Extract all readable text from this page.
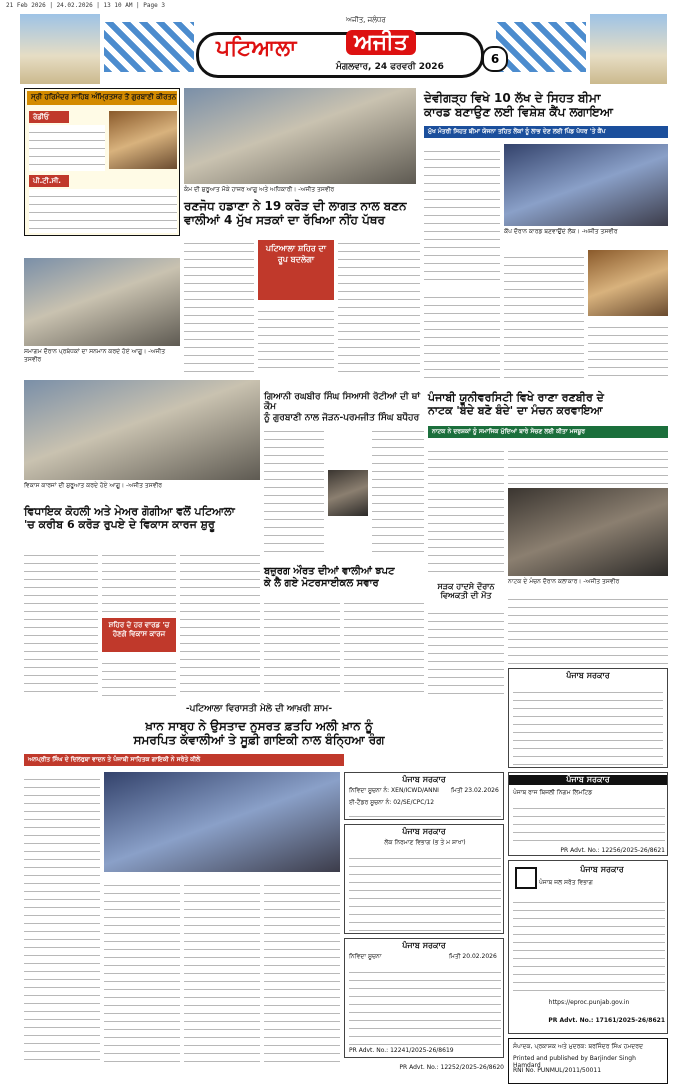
21 Feb 2026 | 24.02.2026 | 13 10 AM | Page 3
ਅਜੀਤ, ਜਲੰਧਰ
ਪਟਿਆਲਾ	ਅਜੀਤ
ਮੰਗਲਵਾਰ, 24 ਫਰਵਰੀ 2026
6
ਸ੍ਰੀ ਹਰਿਮੰਦਰ ਸਾਹਿਬ ਅੰਮ੍ਰਿਤਸਰ ਤੋਂ ਗੁਰਬਾਣੀ ਕੀਰਤਨ
ਰੇਡੀਓ
ਪੀ.ਟੀ.ਸੀ.
ਸਮਾਗਮ ਦੌਰਾਨ ਪ੍ਰਬੰਧਕਾਂ ਦਾ ਸਨਮਾਨ ਕਰਦੇ ਹੋਏ ਆਗੂ। -ਅਜੀਤ ਤਸਵੀਰ
ਕੰਮ ਦੀ ਸ਼ੁਰੂਆਤ ਮੌਕੇ ਹਾਜ਼ਰ ਆਗੂ ਅਤੇ ਅਧਿਕਾਰੀ। -ਅਜੀਤ ਤਸਵੀਰ
ਰਣਜੋਧ ਹਡਾਣਾ ਨੇ 19 ਕਰੋੜ ਦੀ ਲਾਗਤ ਨਾਲ ਬਣਨ
ਵਾਲੀਆਂ 4 ਮੁੱਖ ਸੜਕਾਂ ਦਾ ਰੱਖਿਆ ਨੀਂਹ ਪੱਥਰ
ਪਟਿਆਲਾ ਸ਼ਹਿਰ ਦਾ ਰੂਪ ਬਦਲੇਗਾ
ਦੇਵੀਗੜ੍ਹ ਵਿਖੇ 10 ਲੱਖ ਦੇ ਸਿਹਤ ਬੀਮਾ
ਕਾਰਡ ਬਣਾਉਣ ਲਈ ਵਿਸ਼ੇਸ਼ ਕੈਂਪ ਲਗਾਇਆ
ਮੁੱਖ ਮੰਤਰੀ ਸਿਹਤ ਬੀਮਾ ਯੋਜਨਾ ਤਹਿਤ ਲੋਕਾਂ ਨੂੰ ਲਾਭ ਦੇਣ ਲਈ ਪਿੰਡ ਪੱਧਰ 'ਤੇ ਕੈਂਪ
ਕੈਂਪ ਦੌਰਾਨ ਕਾਰਡ ਬਣਵਾਉਂਦੇ ਲੋਕ। -ਅਜੀਤ ਤਸਵੀਰ
ਵਿਕਾਸ ਕਾਰਜਾਂ ਦੀ ਸ਼ੁਰੂਆਤ ਕਰਦੇ ਹੋਏ ਆਗੂ। -ਅਜੀਤ ਤਸਵੀਰ
ਗਿਆਨੀ ਰਘਬੀਰ ਸਿੰਘ ਸਿਆਸੀ ਰੋਟੀਆਂ ਦੀ ਥਾਂ ਕੌਮ
ਨੂੰ ਗੁਰਬਾਣੀ ਨਾਲ ਜੋੜਨ-ਪਰਮਜੀਤ ਸਿੰਘ ਬਧੌਹਰ
ਪੰਜਾਬੀ ਯੂਨੀਵਰਸਿਟੀ ਵਿਖੇ ਰਾਣਾ ਰਣਬੀਰ ਦੇ
ਨਾਟਕ 'ਬੰਦੇ ਬਣੋ ਬੰਦੇ' ਦਾ ਮੰਚਨ ਕਰਵਾਇਆ
ਨਾਟਕ ਨੇ ਦਰਸ਼ਕਾਂ ਨੂੰ ਸਮਾਜਿਕ ਮੁੱਦਿਆਂ ਬਾਰੇ ਸੋਚਣ ਲਈ ਕੀਤਾ ਮਜਬੂਰ
ਨਾਟਕ ਦੇ ਮੰਚਨ ਦੌਰਾਨ ਕਲਾਕਾਰ। -ਅਜੀਤ ਤਸਵੀਰ
ਵਿਧਾਇਕ ਕੋਹਲੀ ਅਤੇ ਮੇਅਰ ਗੋਗੀਆ ਵਲੋਂ ਪਟਿਆਲਾ
'ਚ ਕਰੀਬ 6 ਕਰੋੜ ਰੁਪਏ ਦੇ ਵਿਕਾਸ ਕਾਰਜ ਸ਼ੁਰੂ
ਸ਼ਹਿਰ ਦੇ ਹਰ ਵਾਰਡ 'ਚ ਹੋਣਗੇ ਵਿਕਾਸ ਕਾਰਜ
ਬਜ਼ੁਰਗ ਔਰਤ ਦੀਆਂ ਵਾਲੀਆਂ ਝਪਟ
ਕੇ ਲੈ ਗਏ ਮੋਟਰਸਾਈਕਲ ਸਵਾਰ	ਸੜਕ ਹਾਦਸੇ ਦੌਰਾਨ
ਵਿਅਕਤੀ ਦੀ ਮੌਤ
ਪੰਜਾਬ ਸਰਕਾਰ
-ਪਟਿਆਲਾ ਵਿਰਾਸਤੀ ਮੇਲੇ ਦੀ ਆਖ਼ਰੀ ਸ਼ਾਮ-
ਖ਼ਾਨ ਸਾਬ੍ਹ ਨੇ ਉਸਤਾਦ ਨੁਸਰਤ ਫ਼ਤਹਿ ਅਲੀ ਖ਼ਾਨ ਨੂੰ
ਸਮਰਪਿਤ ਕੱਵਾਲੀਆਂ ਤੇ ਸੂਫ਼ੀ ਗਾਇਕੀ ਨਾਲ ਬੰਨ੍ਹਿਆ ਰੰਗ
ਅਨਪ੍ਰੀਤ ਸਿੰਘ ਦੇ ਦਿਲਰੁਬਾ ਵਾਦਨ ਤੇ ਪੰਜਾਬੀ ਸਾਹਿਤਕ ਗਾਇਕੀ ਨੇ ਸਰੋਤੇ ਕੀਲੇ
ਪੰਜਾਬ ਸਰਕਾਰ
ਨਿਵਿਦਾ ਸੂਚਨਾ ਨੰ: XEN/ICWD/ANNI	ਮਿਤੀ 23.02.2026
ਈ-ਟੈਂਡਰ ਸੂਚਨਾ ਨੰ: 02/SE/CPC/12
ਪੰਜਾਬ ਸਰਕਾਰ
ਲੋਕ ਨਿਰਮਾਣ ਵਿਭਾਗ (ਭ ਤੇ ਮ ਸ਼ਾਖਾ)
ਪੰਜਾਬ ਸਰਕਾਰ
ਨਿਵਿਦਾ ਸੂਚਨਾ	ਮਿਤੀ 20.02.2026
PR Advt. No.: 12241/2025-26/8619
PR Advt. No.: 12252/2025-26/8620
ਪੰਜਾਬ ਸਰਕਾਰ
ਪੰਜਾਬ ਰਾਜ ਬਿਜਲੀ ਨਿਗਮ ਲਿਮਟਿਡ
PR Advt. No.: 12256/2025-26/8621
ਪੰਜਾਬ ਸਰਕਾਰ
ਪੰਜਾਬ ਜਲ ਸਰੋਤ ਵਿਭਾਗ
https://eproc.punjab.gov.in
PR Advt. No.: 17161/2025-26/8621
ਸੰਪਾਦਕ, ਪ੍ਰਕਾਸ਼ਕ ਅਤੇ ਮੁਦਰਕ: ਬਰਜਿੰਦਰ ਸਿੰਘ ਹਮਦਰਦ
Printed and published by Barjinder Singh Hamdard
RNI No. PUNMUL/2011/50011
